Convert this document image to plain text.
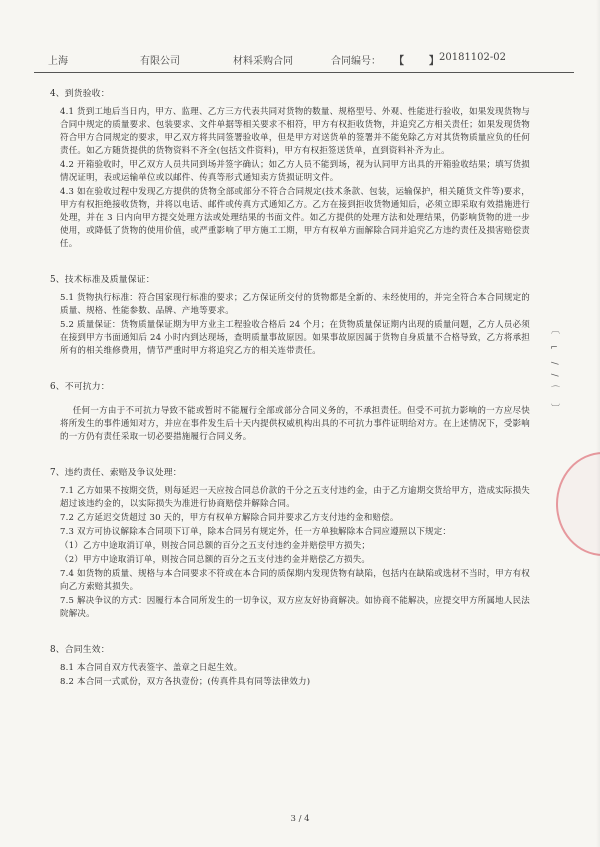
上海	有限公司	材料采购合同	合同编号： 【	】 20181102-02
4、到货验收：

4.1 货到工地后当日内，甲方、监理、乙方三方代表共同对货物的数量、规格型号、外观、性能进行验收，如果发现货物与合同中规定的质量要求、包装要求、文件单据等相关要求不相符，甲方有权拒收货物，并追究乙方相关责任；如果发现货物符合甲方合同规定的要求，甲乙双方将共同签署验收单，但是甲方对送货单的签署并不能免除乙方对其货物质量应负的任何责任。如乙方随货提供的货物资料不齐全(包括文件资料)，甲方有权拒签送货单，直到资料补齐为止。

4.2 开箱验收时，甲乙双方人员共同到场并签字确认；如乙方人员不能到场，视为认同甲方出具的开箱验收结果；填写货损情况证明，表或运输单位或以邮件、传真等形式通知卖方货损证明文件。

4.3 如在验收过程中发现乙方提供的货物全部或部分不符合合同规定(技术条款、包装，运输保护，相关随货文件等)要求，甲方有权拒绝接收货物，并将以电话、邮件或传真方式通知乙方。乙方在接到拒收货物通知后，必须立即采取有效措施进行处理，并在 3 日内向甲方提交处理方法或处理结果的书面文件。如乙方提供的处理方法和处理结果，仍影响货物的进一步使用，或降低了货物的使用价值，或严重影响了甲方施工工期，甲方有权单方面解除合同并追究乙方违约责任及损害赔偿责任。

5、技术标准及质量保证：

5.1 货物执行标准：符合国家现行标准的要求；乙方保证所交付的货物都是全新的、未经使用的，并完全符合本合同规定的质量、规格、性能参数、品牌、产地等要求。

5.2 质量保证：货物质量保证期为甲方业主工程验收合格后 24 个月；在货物质量保证期内出现的质量问题，乙方人员必须在接到甲方书面通知后 24 小时内到达现场，查明质量事故原因。如果事故原因属于货物自身质量不合格导致，乙方将承担所有的相关维修费用，情节严重时甲方将追究乙方的相关连带责任。

6、不可抗力：

任何一方由于不可抗力导致不能或暂时不能履行全部或部分合同义务的，不承担责任。但受不可抗力影响的一方应尽快将所发生的事件通知对方，并应在事件发生后十天内提供权威机构出具的不可抗力事件证明给对方。在上述情况下，受影响的一方仍有责任采取一切必要措施履行合同义务。

7、违约责任、索赔及争议处理：

7.1 乙方如果不按期交货，则每延迟一天应按合同总价款的千分之五支付违约金，由于乙方逾期交货给甲方，造成实际损失超过该违约金的，以实际损失为准进行协商赔偿并解除合同。

7.2 乙方延迟交货超过 30 天的，甲方有权单方解除合同并要求乙方支付违约金和赔偿。

7.3 双方可协议解除本合同项下订单，除本合同另有规定外，任一方单独解除本合同应遵照以下规定：

（1）乙方中途取消订单，则按合同总额的百分之五支付违约金并赔偿甲方损失；

（2）甲方中途取消订单，则按合同总额的百分之五支付违约金并赔偿乙方损失。

7.4 如货物的质量、规格与本合同要求不符或在本合同的质保期内发现货物有缺陷，包括内在缺陷或选材不当时，甲方有权向乙方索赔其损失。

7.5 解决争议的方式：因履行本合同所发生的一切争议，双方应友好协商解决。如协商不能解决，应提交甲方所属地人民法院解决。

8、合同生效：

8.1 本合同自双方代表签字、盖章之日起生效。

8.2 本合同一式贰份，双方各执壹份；(传真件具有同等法律效力)

3 / 4
〔 ⌐ ∕ ∕ ⌒ 〕
